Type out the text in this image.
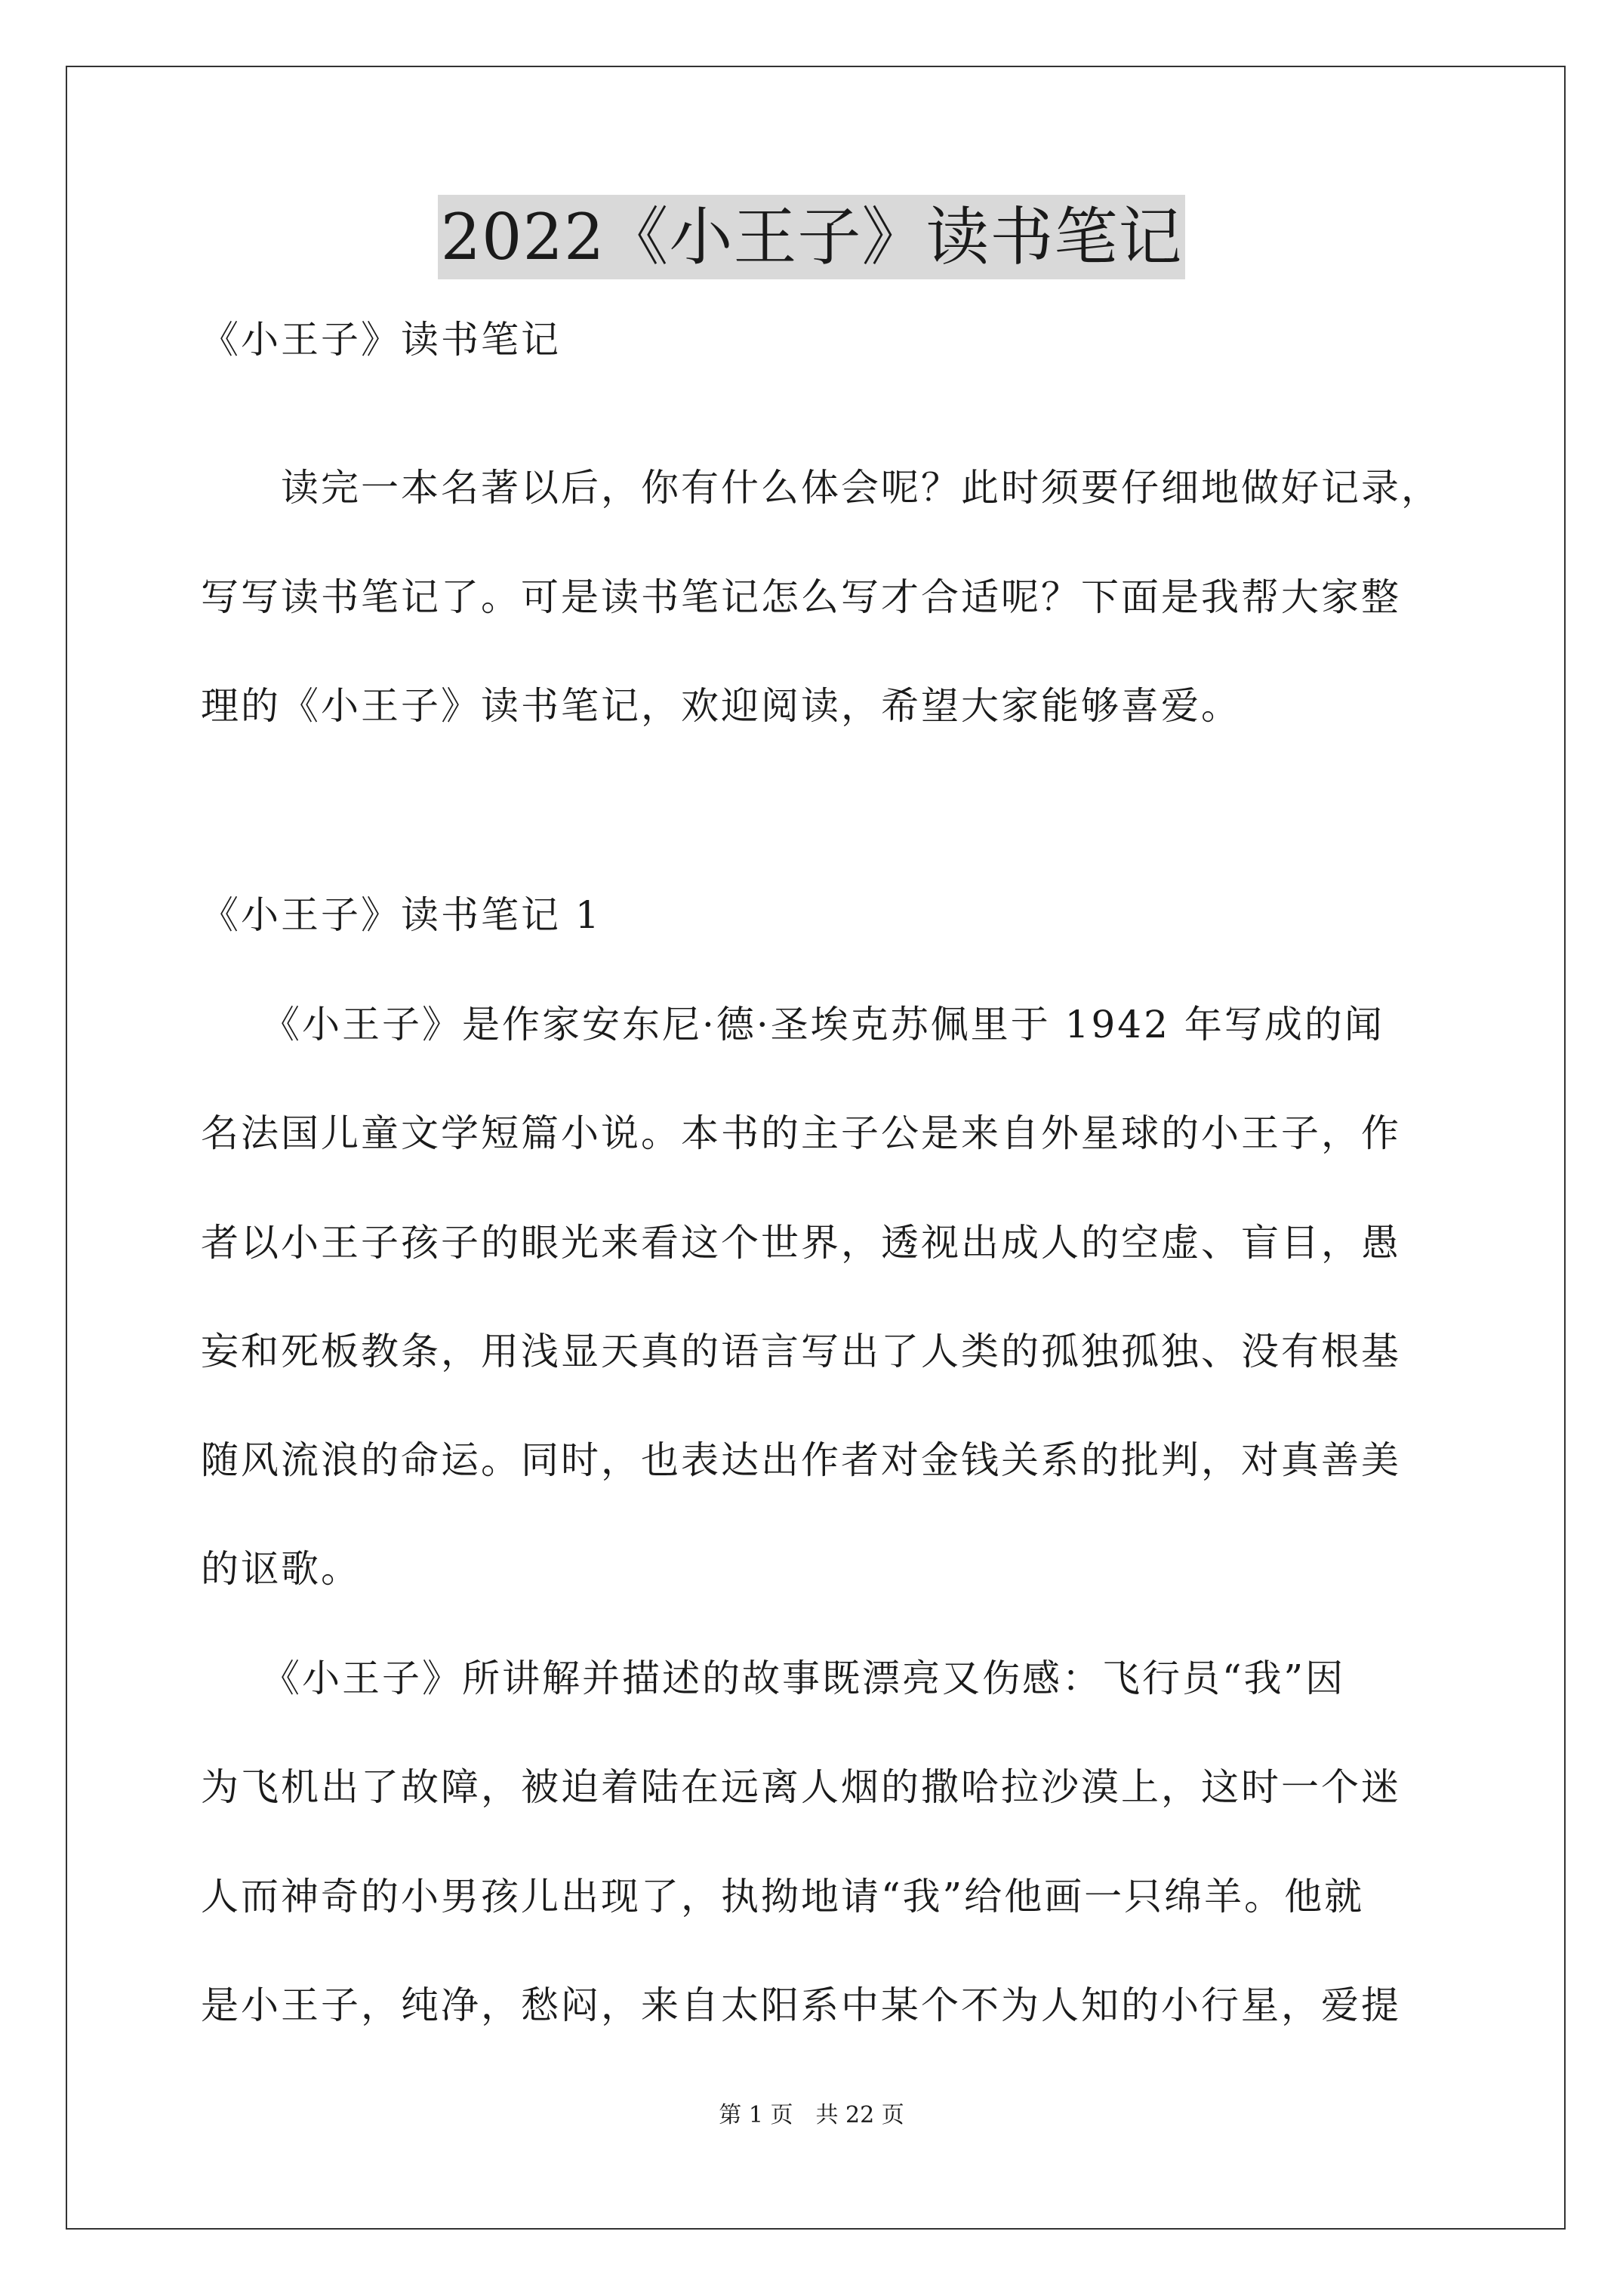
2022《小王子》读书笔记
《小王子》读书笔记
　　读完一本名著以后，你有什么体会呢？此时须要仔细地做好记录，
写写读书笔记了。可是读书笔记怎么写才合适呢？下面是我帮大家整
理的《小王子》读书笔记，欢迎阅读，希望大家能够喜爱。
《小王子》读书笔记 1
　　《小王子》是作家安东尼·德·圣埃克苏佩里于 1942 年写成的闻
名法国儿童文学短篇小说。本书的主子公是来自外星球的小王子，作
者以小王子孩子的眼光来看这个世界，透视出成人的空虚、盲目，愚
妄和死板教条，用浅显天真的语言写出了人类的孤独孤独、没有根基
随风流浪的命运。同时，也表达出作者对金钱关系的批判，对真善美
的讴歌。
　　《小王子》所讲解并描述的故事既漂亮又伤感：飞行员“我”因
为飞机出了故障，被迫着陆在远离人烟的撒哈拉沙漠上，这时一个迷
人而神奇的小男孩儿出现了，执拗地请“我”给他画一只绵羊。他就
是小王子，纯净，愁闷，来自太阳系中某个不为人知的小行星，爱提
第 1 页　共 22 页
